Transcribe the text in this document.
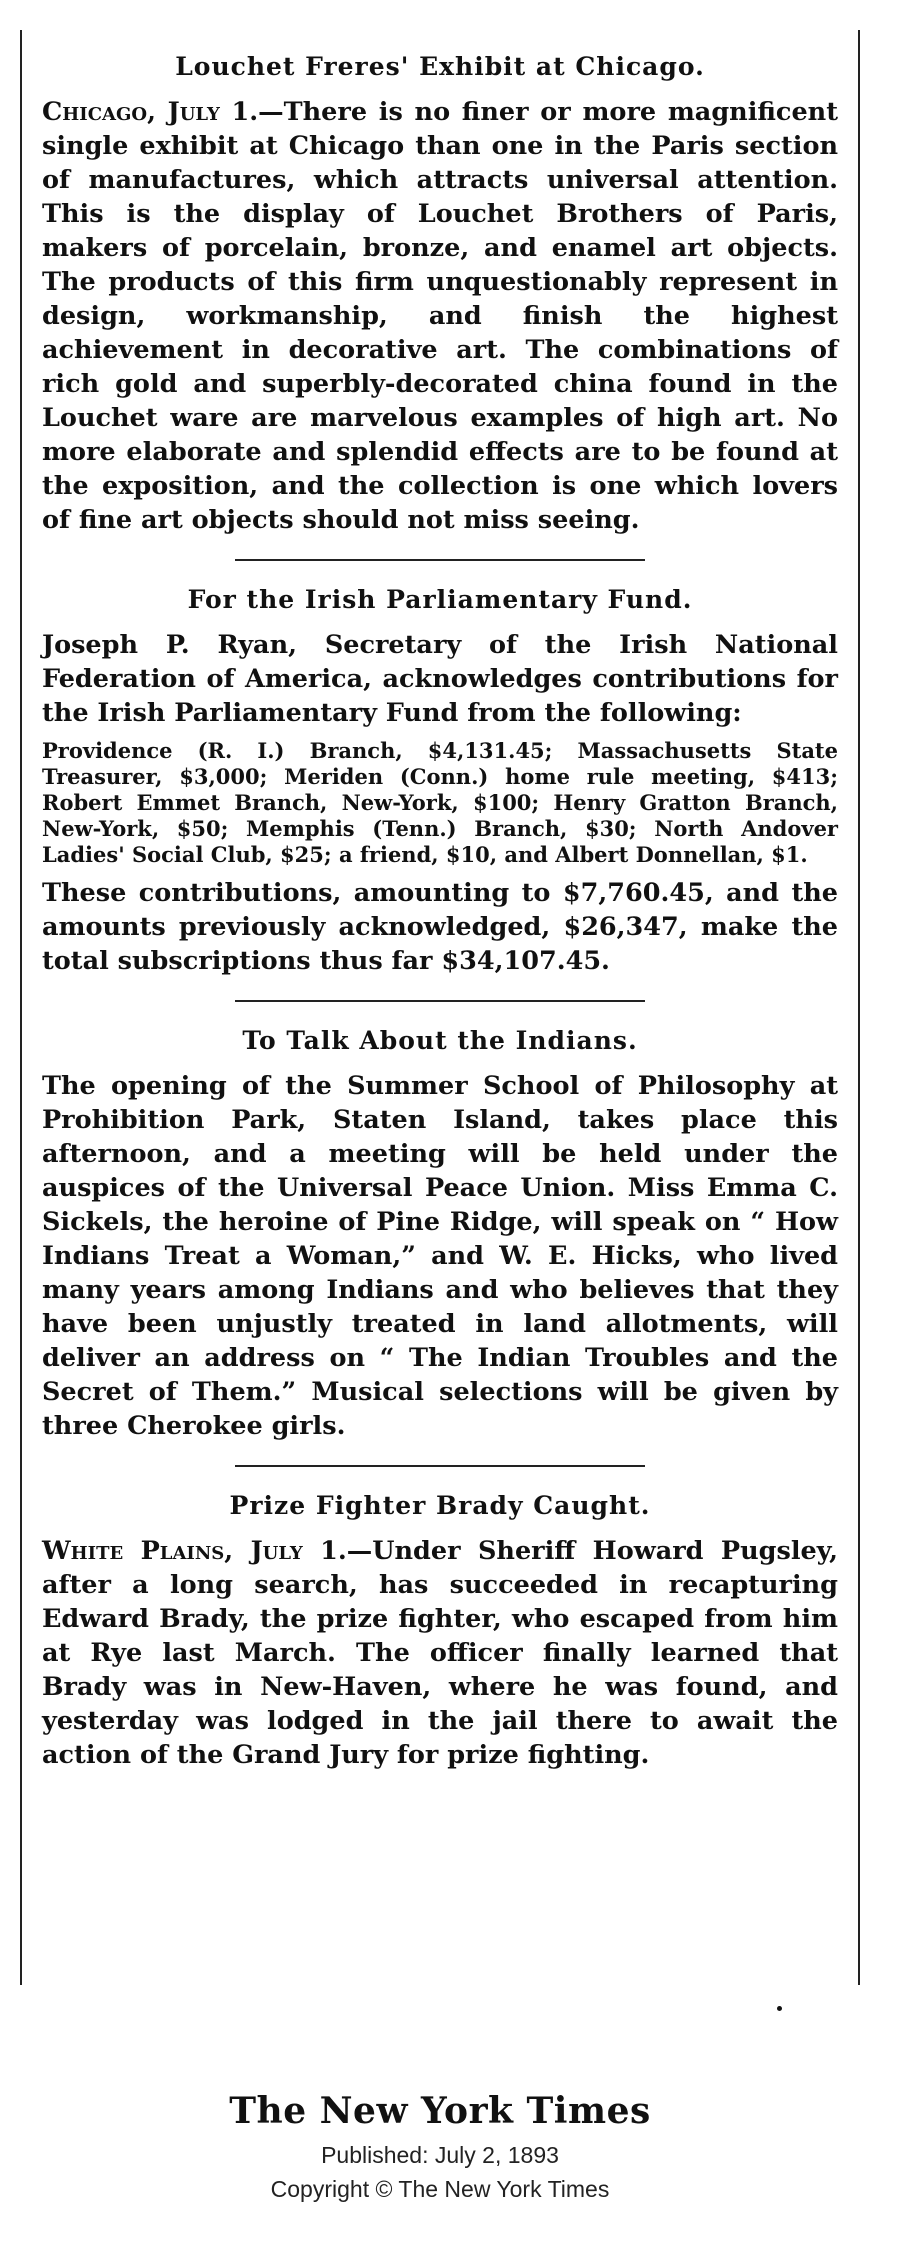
Louchet Freres' Exhibit at Chicago.

Chicago, July 1.—There is no finer or more magnificent single exhibit at Chicago than one in the Paris section of manufactures, which attracts universal attention. This is the display of Louchet Brothers of Paris, makers of porcelain, bronze, and enamel art objects. The products of this firm unquestionably represent in design, workmanship, and finish the highest achievement in decorative art. The combinations of rich gold and superbly-decorated china found in the Louchet ware are marvelous examples of high art. No more elaborate and splendid effects are to be found at the exposition, and the collection is one which lovers of fine art objects should not miss seeing.

For the Irish Parliamentary Fund.

Joseph P. Ryan, Secretary of the Irish National Federation of America, acknowledges contributions for the Irish Parliamentary Fund from the following:

Providence (R. I.) Branch, $4,131.45; Massachusetts State Treasurer, $3,000; Meriden (Conn.) home rule meeting, $413; Robert Emmet Branch, New-York, $100; Henry Gratton Branch, New-York, $50; Memphis (Tenn.) Branch, $30; North Andover Ladies' Social Club, $25; a friend, $10, and Albert Donnellan, $1.

These contributions, amounting to $7,760.45, and the amounts previously acknowledged, $26,347, make the total subscriptions thus far $34,107.45.

To Talk About the Indians.

The opening of the Summer School of Philosophy at Prohibition Park, Staten Island, takes place this afternoon, and a meeting will be held under the auspices of the Universal Peace Union. Miss Emma C. Sickels, the heroine of Pine Ridge, will speak on “ How Indians Treat a Woman,” and W. E. Hicks, who lived many years among Indians and who believes that they have been unjustly treated in land allotments, will deliver an address on “ The Indian Troubles and the Secret of Them.” Musical selections will be given by three Cherokee girls.

Prize Fighter Brady Caught.

White Plains, July 1.—Under Sheriff Howard Pugsley, after a long search, has succeeded in recapturing Edward Brady, the prize fighter, who escaped from him at Rye last March. The officer finally learned that Brady was in New-Haven, where he was found, and yesterday was lodged in the jail there to await the action of the Grand Jury for prize fighting.

The New York Times
Published: July 2, 1893
Copyright © The New York Times
